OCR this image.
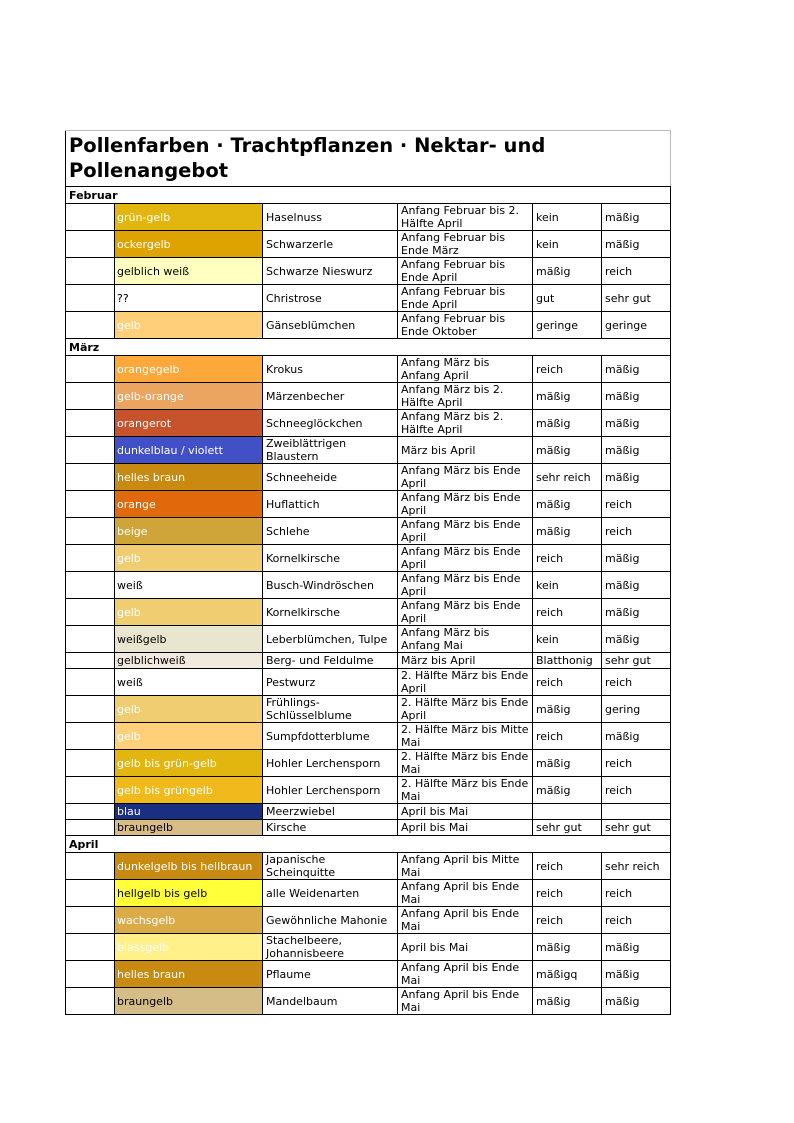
Pollenfarben · Trachtpflanzen · Nektar- und Pollenangebot					
Februar					
	grün-gelb	Haselnuss	Anfang Februar bis 2. Hälfte April	kein	mäßig
	ockergelb	Schwarzerle	Anfang Februar bis Ende März	kein	mäßig
	gelblich weiß	Schwarze Nieswurz	Anfang Februar bis Ende April	mäßig	reich
	??	Christrose	Anfang Februar bis Ende April	gut	sehr gut
	gelb	Gänseblümchen	Anfang Februar bis Ende Oktober	geringe	geringe
März					
	orangegelb	Krokus	Anfang März bis Anfang April	reich	mäßig
	gelb-orange	Märzenbecher	Anfang März bis 2. Hälfte April	mäßig	mäßig
	orangerot	Schneeglöckchen	Anfang März bis 2. Hälfte April	mäßig	mäßig
	dunkelblau / violett	Zweiblättrigen Blaustern	März bis April	mäßig	mäßig
	helles braun	Schneeheide	Anfang März bis Ende April	sehr reich	mäßig
	orange	Huflattich	Anfang März bis Ende April	mäßig	reich
	beige	Schlehe	Anfang März bis Ende April	mäßig	reich
	gelb	Kornelkirsche	Anfang März bis Ende April	reich	mäßig
	weiß	Busch-Windröschen	Anfang März bis Ende April	kein	mäßig
	gelb	Kornelkirsche	Anfang März bis Ende April	reich	mäßig
	weißgelb	Leberblümchen, Tulpe	Anfang März bis Anfang Mai	kein	mäßig
	gelblichweiß	Berg- und Feldulme	März bis April	Blatthonig	sehr gut
	weiß	Pestwurz	2. Hälfte März bis Ende April	reich	reich
	gelb	Frühlings-Schlüsselblume	2. Hälfte März bis Ende April	mäßig	gering
	gelb	Sumpfdotterblume	2. Hälfte März bis Mitte Mai	reich	mäßig
	gelb bis grün-gelb	Hohler Lerchensporn	2. Hälfte März bis Ende Mai	mäßig	reich
	gelb bis grüngelb	Hohler Lerchensporn	2. Hälfte März bis Ende Mai	mäßig	reich
	blau	Meerzwiebel	April bis Mai		
	braungelb	Kirsche	April bis Mai	sehr gut	sehr gut
April					
	dunkelgelb bis hellbraun	Japanische Scheinquitte	Anfang April bis Mitte Mai	reich	sehr reich
	hellgelb bis gelb	alle Weidenarten	Anfang April bis Ende Mai	reich	reich
	wachsgelb	Gewöhnliche Mahonie	Anfang April bis Ende Mai	reich	reich
	blassgelb	Stachelbeere, Johannisbeere	April bis Mai	mäßig	mäßig
	helles braun	Pflaume	Anfang April bis Ende Mai	mäßigq	mäßig
	braungelb	Mandelbaum	Anfang April bis Ende Mai	mäßig	mäßig
